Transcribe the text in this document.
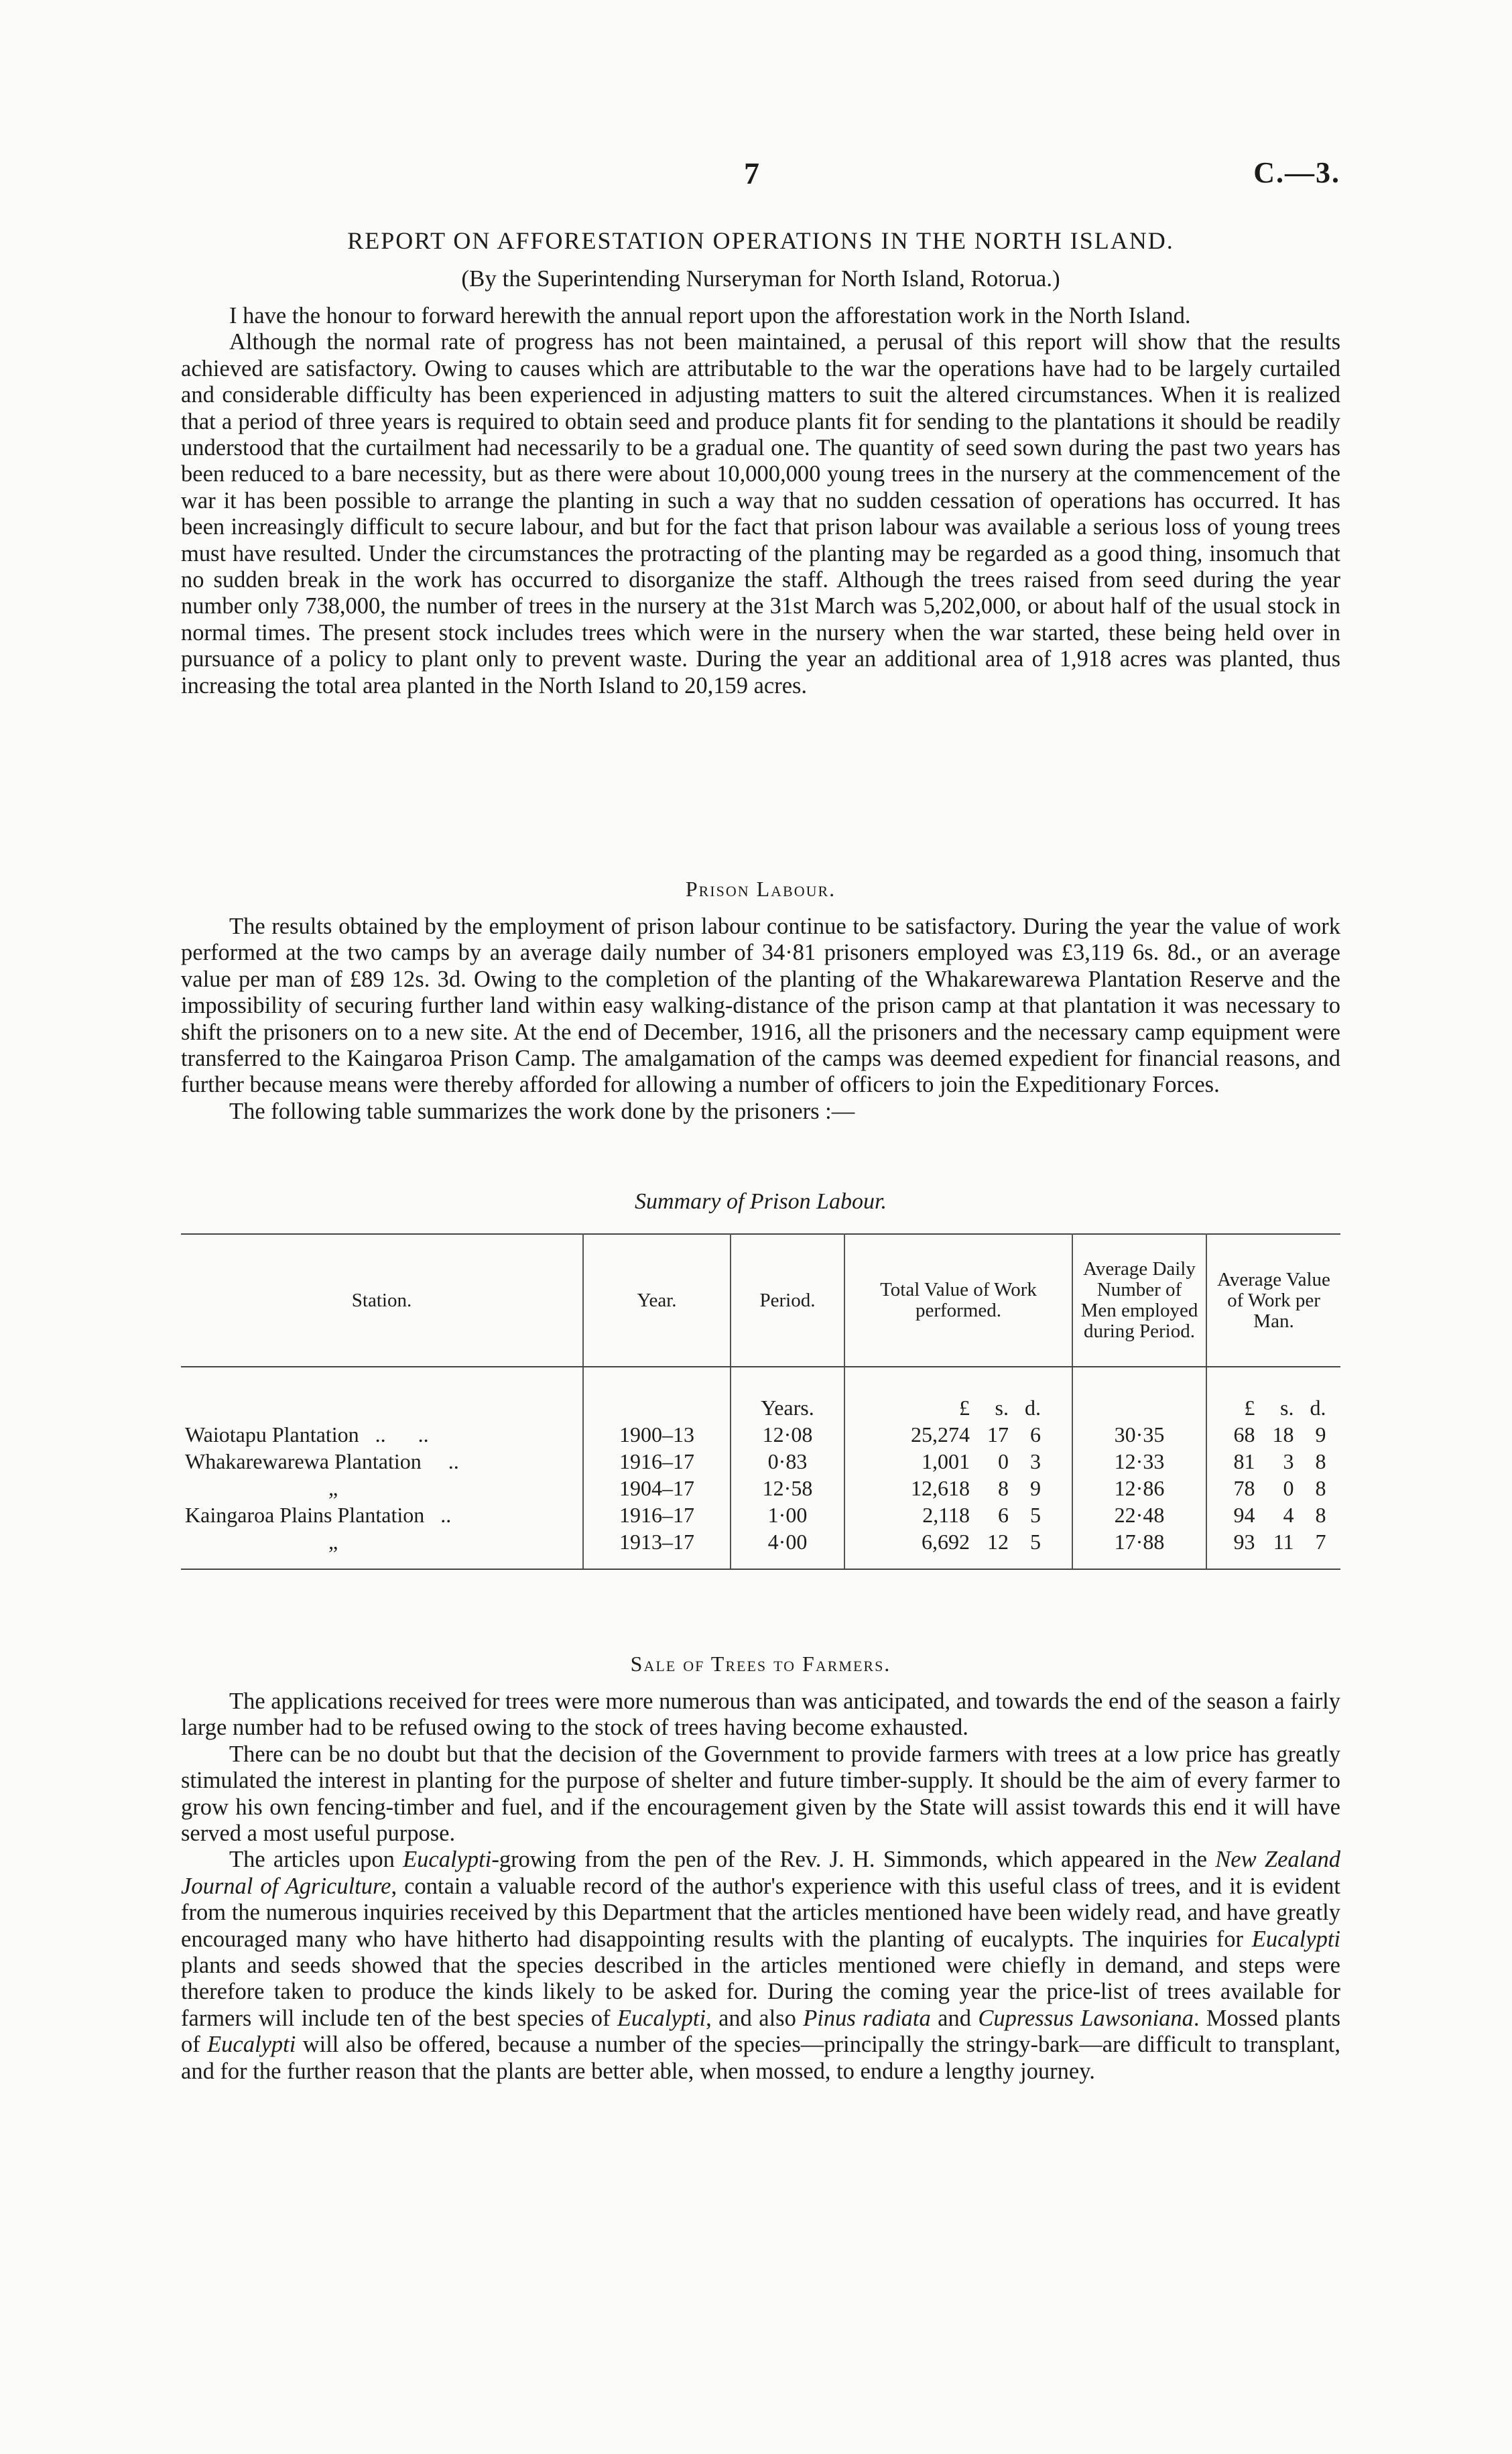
7	C.—3.
REPORT ON AFFORESTATION OPERATIONS IN THE NORTH ISLAND.
(By the Superintending Nurseryman for North Island, Rotorua.)

I have the honour to forward herewith the annual report upon the afforestation work in the North Island.

Although the normal rate of progress has not been maintained, a perusal of this report will show that the results achieved are satisfactory. Owing to causes which are attributable to the war the operations have had to be largely curtailed and considerable difficulty has been experienced in adjusting matters to suit the altered circumstances. When it is realized that a period of three years is required to obtain seed and produce plants fit for sending to the plantations it should be readily understood that the curtailment had necessarily to be a gradual one. The quantity of seed sown during the past two years has been reduced to a bare necessity, but as there were about 10,000,000 young trees in the nursery at the commencement of the war it has been possible to arrange the planting in such a way that no sudden cessation of operations has occurred. It has been increasingly difficult to secure labour, and but for the fact that prison labour was available a serious loss of young trees must have resulted. Under the circumstances the protracting of the planting may be regarded as a good thing, insomuch that no sudden break in the work has occurred to disorganize the staff. Although the trees raised from seed during the year number only 738,000, the number of trees in the nursery at the 31st March was 5,202,000, or about half of the usual stock in normal times. The present stock includes trees which were in the nursery when the war started, these being held over in pursuance of a policy to plant only to prevent waste. During the year an additional area of 1,918 acres was planted, thus increasing the total area planted in the North Island to 20,159 acres.

Prison Labour.

The results obtained by the employment of prison labour continue to be satisfactory. During the year the value of work performed at the two camps by an average daily number of 34·81 prisoners employed was £3,119 6s. 8d., or an average value per man of £89 12s. 3d. Owing to the completion of the planting of the Whakarewarewa Plantation Reserve and the impossibility of securing further land within easy walking-distance of the prison camp at that plantation it was necessary to shift the prisoners on to a new site. At the end of December, 1916, all the prisoners and the necessary camp equipment were transferred to the Kaingaroa Prison Camp. The amalgamation of the camps was deemed expedient for financial reasons, and further because means were thereby afforded for allowing a number of officers to join the Expeditionary Forces.

The following table summarizes the work done by the prisoners :—

Summary of Prison Labour.
Station.	Year.	Period.	Total Value of Work performed.	Average Daily Number of Men employed during Period.	Average Value of Work per Man.
		Years.	£ s. d.		£ s. d.
Waiotapu Plantation   ..      ..	1900–13	12·08	25,274 17 6	30·35	68 18 9
Whakarewarewa Plantation     ..	1916–17	0·83	1,001 0 3	12·33	81 3 8
„	1904–17	12·58	12,618 8 9	12·86	78 0 8
Kaingaroa Plains Plantation   ..	1916–17	1·00	2,118 6 5	22·48	94 4 8
„	1913–17	4·00	6,692 12 5	17·88	93 11 7

Sale of Trees to Farmers.

The applications received for trees were more numerous than was anticipated, and towards the end of the season a fairly large number had to be refused owing to the stock of trees having become exhausted.

There can be no doubt but that the decision of the Government to provide farmers with trees at a low price has greatly stimulated the interest in planting for the purpose of shelter and future timber-supply. It should be the aim of every farmer to grow his own fencing-timber and fuel, and if the encouragement given by the State will assist towards this end it will have served a most useful purpose.

The articles upon Eucalypti-growing from the pen of the Rev. J. H. Simmonds, which appeared in the New Zealand Journal of Agriculture, contain a valuable record of the author's experience with this useful class of trees, and it is evident from the numerous inquiries received by this Department that the articles mentioned have been widely read, and have greatly encouraged many who have hitherto had disappointing results with the planting of eucalypts. The inquiries for Eucalypti plants and seeds showed that the species described in the articles mentioned were chiefly in demand, and steps were therefore taken to produce the kinds likely to be asked for. During the coming year the price-list of trees available for farmers will include ten of the best species of Eucalypti, and also Pinus radiata and Cupressus Lawsoniana. Mossed plants of Eucalypti will also be offered, because a number of the species—principally the stringy-bark—are difficult to transplant, and for the further reason that the plants are better able, when mossed, to endure a lengthy journey.
